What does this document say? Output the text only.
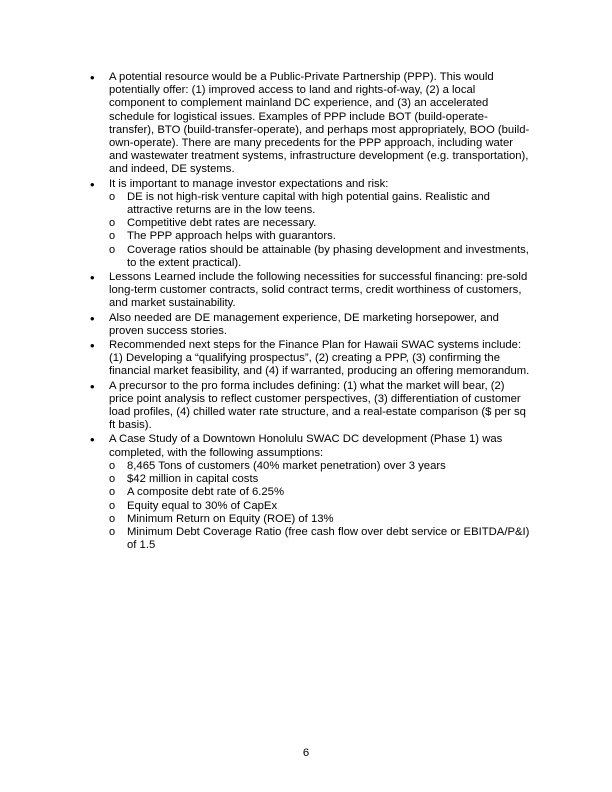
• A potential resource would be a Public-Private Partnership (PPP). This would potentially offer: (1) improved access to land and rights-of-way, (2) a local component to complement mainland DC experience, and (3) an accelerated schedule for logistical issues. Examples of PPP include BOT (build-operate-transfer), BTO (build-transfer-operate), and perhaps most appropriately, BOO (build-own-operate). There are many precedents for the PPP approach, including water and wastewater treatment systems, infrastructure development (e.g. transportation), and indeed, DE systems.
• It is important to manage investor expectations and risk:
o DE is not high-risk venture capital with high potential gains. Realistic and attractive returns are in the low teens.
o Competitive debt rates are necessary.
o The PPP approach helps with guarantors.
o Coverage ratios should be attainable (by phasing development and investments, to the extent practical).
• Lessons Learned include the following necessities for successful financing: pre-sold long-term customer contracts, solid contract terms, credit worthiness of customers, and market sustainability.
• Also needed are DE management experience, DE marketing horsepower, and proven success stories.
• Recommended next steps for the Finance Plan for Hawaii SWAC systems include: (1) Developing a “qualifying prospectus”, (2) creating a PPP, (3) confirming the financial market feasibility, and (4) if warranted, producing an offering memorandum.
• A precursor to the pro forma includes defining: (1) what the market will bear, (2) price point analysis to reflect customer perspectives, (3) differentiation of customer load profiles, (4) chilled water rate structure, and a real-estate comparison ($ per sq ft basis).
• A Case Study of a Downtown Honolulu SWAC DC development (Phase 1) was completed, with the following assumptions:
o 8,465 Tons of customers (40% market penetration) over 3 years
o $42 million in capital costs
o A composite debt rate of 6.25%
o Equity equal to 30% of CapEx
o Minimum Return on Equity (ROE) of 13%
o Minimum Debt Coverage Ratio (free cash flow over debt service or EBITDA/P&I) of 1.5
6
